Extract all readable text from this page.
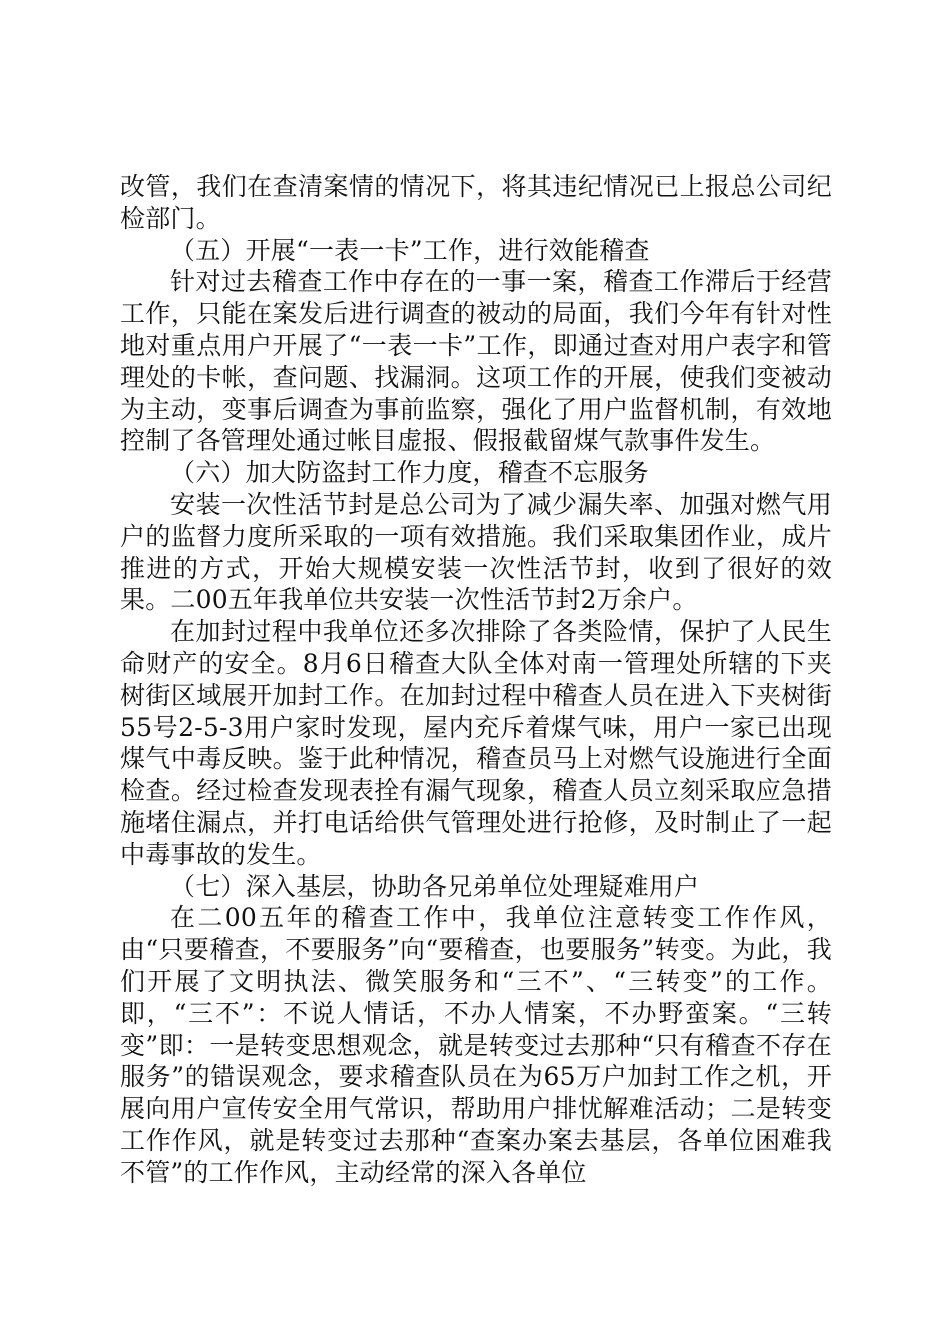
改管，我们在查清案情的情况下，将其违纪情况已上报总公司纪检部门。

（五）开展“一表一卡”工作，进行效能稽查

针对过去稽查工作中存在的一事一案，稽查工作滞后于经营工作，只能在案发后进行调查的被动的局面，我们今年有针对性地对重点用户开展了“一表一卡”工作，即通过查对用户表字和管理处的卡帐，查问题、找漏洞。这项工作的开展，使我们变被动为主动，变事后调查为事前监察，强化了用户监督机制，有效地控制了各管理处通过帐目虚报、假报截留煤气款事件发生。

（六）加大防盗封工作力度，稽查不忘服务

安装一次性活节封是总公司为了减少漏失率、加强对燃气用户的监督力度所采取的一项有效措施。我们采取集团作业，成片推进的方式，开始大规模安装一次性活节封，收到了很好的效果。二00五年我单位共安装一次性活节封2万余户。

在加封过程中我单位还多次排除了各类险情，保护了人民生命财产的安全。8月6日稽查大队全体对南一管理处所辖的下夹树街区域展开加封工作。在加封过程中稽查人员在进入下夹树街55号2-5-3用户家时发现，屋内充斥着煤气味，用户一家已出现煤气中毒反映。鉴于此种情况，稽查员马上对燃气设施进行全面检查。经过检查发现表拴有漏气现象，稽查人员立刻采取应急措施堵住漏点，并打电话给供气管理处进行抢修，及时制止了一起中毒事故的发生。

（七）深入基层，协助各兄弟单位处理疑难用户

在二00五年的稽查工作中，我单位注意转变工作作风，由“只要稽查，不要服务”向“要稽查，也要服务”转变。为此，我们开展了文明执法、微笑服务和“三不”、“三转变”的工作。即，“三不”：不说人情话，不办人情案，不办野蛮案。“三转变”即：一是转变思想观念，就是转变过去那种“只有稽查不存在服务”的错误观念，要求稽查队员在为65万户加封工作之机，开展向用户宣传安全用气常识，帮助用户排忧解难活动；二是转变工作作风，就是转变过去那种“查案办案去基层，各单位困难我不管”的工作作风，主动经常的深入各单位
